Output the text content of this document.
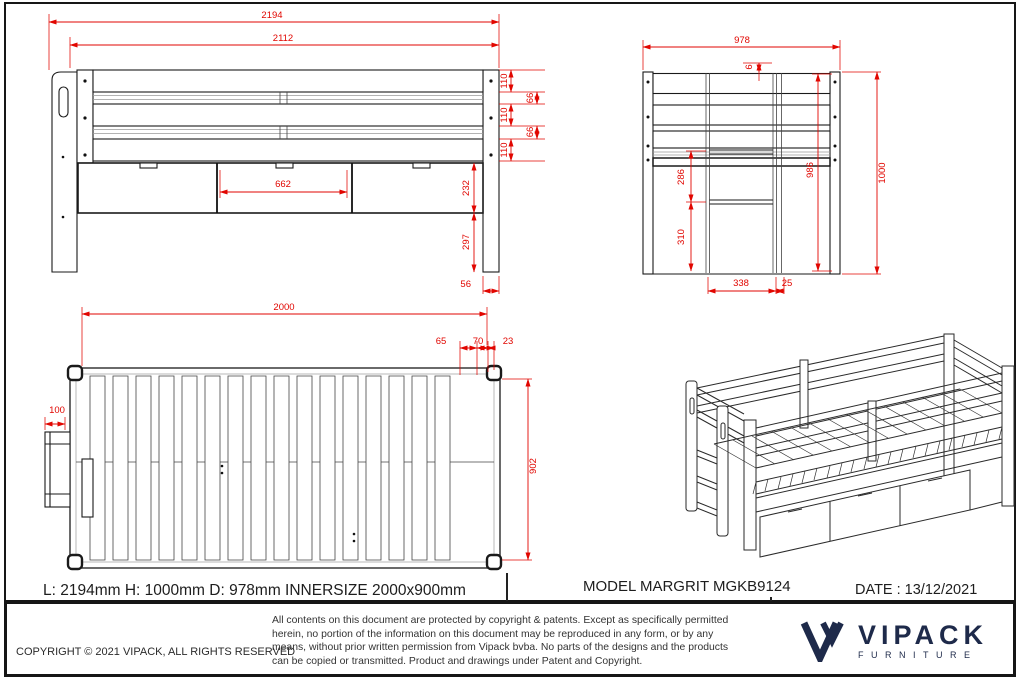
2194
2112
110
66
110
66
110
662	232
297
56
978
6
986	1000
286
310
338	25
2000
65	70 23
100
902
L: 2194mm H: 1000mm D: 978mm INNERSIZE 2000x900mm	MODEL MARGRIT MGKB9124	DATE : 13/12/2021
COPYRIGHT © 2021 VIPACK, ALL RIGHTS RESERVED
All contents on this document are protected by copyright & patents. Except as specifically permitted herein, no portion of the information on this document may be reproduced in any form, or by any means, without prior written permission from Vipack bvba. No parts of the designs and the products can be copied or transmitted. Product and drawings under Patent and Copyright.
VIPACK
FURNITURE
